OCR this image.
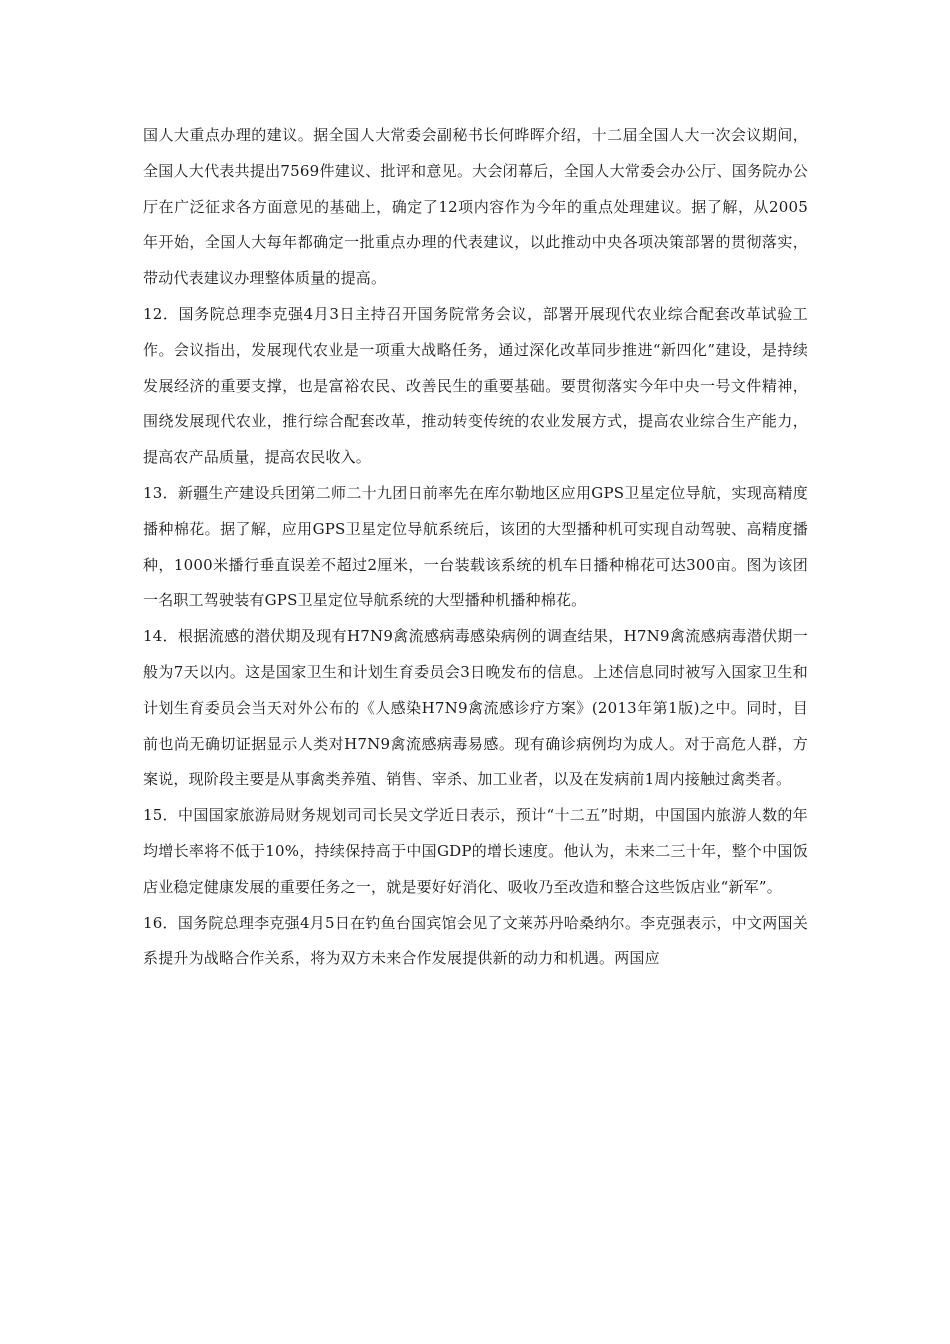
国人大重点办理的建议。据全国人大常委会副秘书长何晔晖介绍，十二届全国人大一次会议期间，全国人大代表共提出7569件建议、批评和意见。大会闭幕后，全国人大常委会办公厅、国务院办公厅在广泛征求各方面意见的基础上，确定了12项内容作为今年的重点处理建议。据了解，从2005年开始，全国人大每年都确定一批重点办理的代表建议，以此推动中央各项决策部署的贯彻落实，带动代表建议办理整体质量的提高。

12．国务院总理李克强4月3日主持召开国务院常务会议，部署开展现代农业综合配套改革试验工作。会议指出，发展现代农业是一项重大战略任务，通过深化改革同步推进“新四化”建设，是持续发展经济的重要支撑，也是富裕农民、改善民生的重要基础。要贯彻落实今年中央一号文件精神，围绕发展现代农业，推行综合配套改革，推动转变传统的农业发展方式，提高农业综合生产能力，提高农产品质量，提高农民收入。

13．新疆生产建设兵团第二师二十九团日前率先在库尔勒地区应用GPS卫星定位导航，实现高精度播种棉花。据了解，应用GPS卫星定位导航系统后，该团的大型播种机可实现自动驾驶、高精度播种，1000米播行垂直误差不超过2厘米，一台装载该系统的机车日播种棉花可达300亩。图为该团一名职工驾驶装有GPS卫星定位导航系统的大型播种机播种棉花。

14．根据流感的潜伏期及现有H7N9禽流感病毒感染病例的调查结果，H7N9禽流感病毒潜伏期一般为7天以内。这是国家卫生和计划生育委员会3日晚发布的信息。上述信息同时被写入国家卫生和计划生育委员会当天对外公布的《人感染H7N9禽流感诊疗方案》(2013年第1版)之中。同时，目前也尚无确切证据显示人类对H7N9禽流感病毒易感。现有确诊病例均为成人。对于高危人群，方案说，现阶段主要是从事禽类养殖、销售、宰杀、加工业者，以及在发病前1周内接触过禽类者。

15．中国国家旅游局财务规划司司长吴文学近日表示，预计“十二五”时期，中国国内旅游人数的年均增长率将不低于10%，持续保持高于中国GDP的增长速度。他认为，未来二三十年，整个中国饭店业稳定健康发展的重要任务之一，就是要好好消化、吸收乃至改造和整合这些饭店业“新军”。

16．国务院总理李克强4月5日在钓鱼台国宾馆会见了文莱苏丹哈桑纳尔。李克强表示，中文两国关系提升为战略合作关系，将为双方未来合作发展提供新的动力和机遇。两国应
